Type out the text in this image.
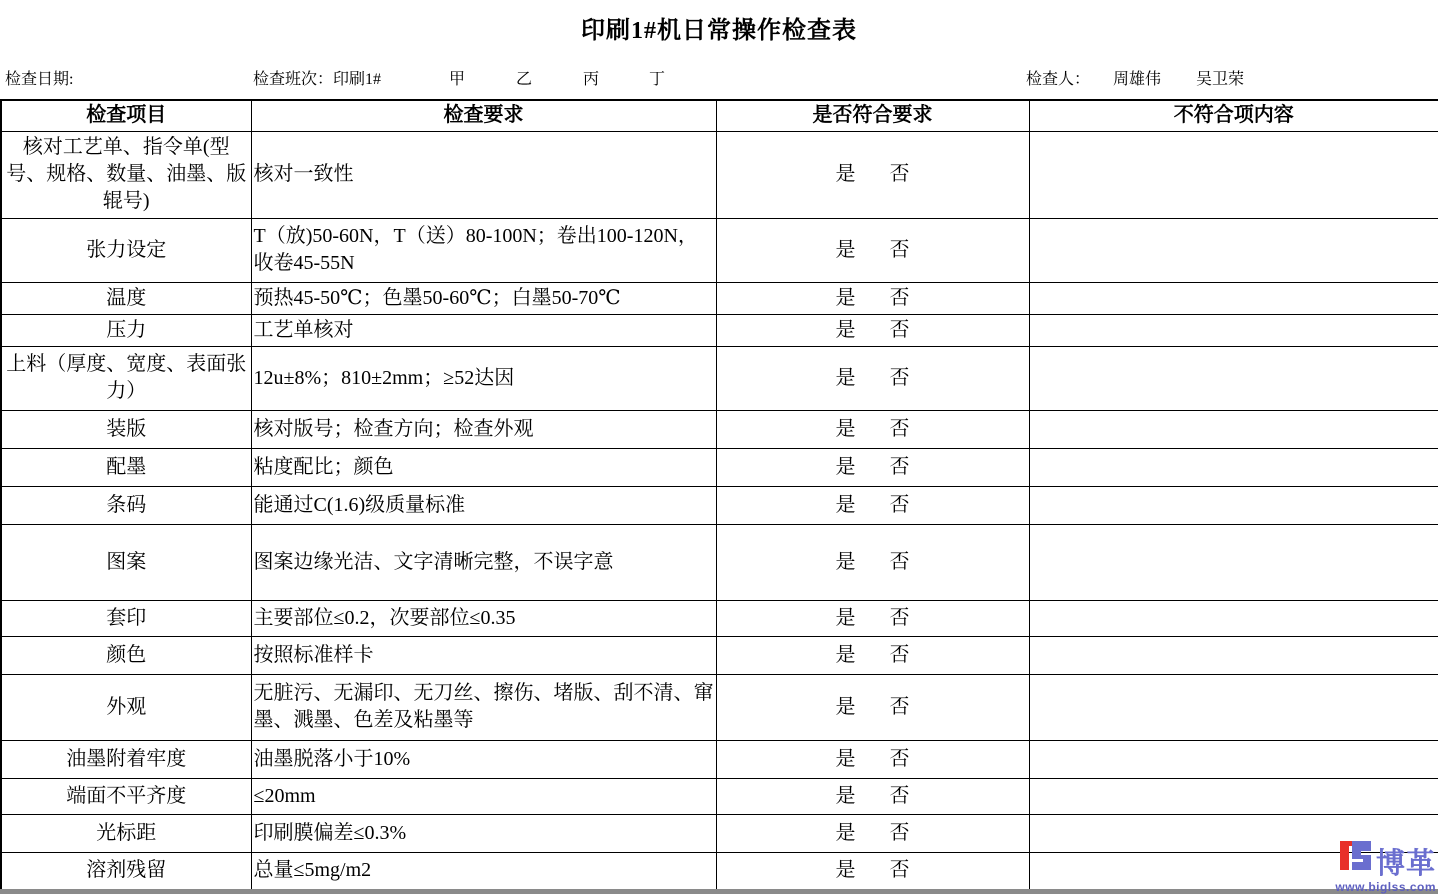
印刷1#机日常操作检查表
检查日期:	检查班次：印刷1#	甲	乙	丙	丁	检查人： 周雄伟 吴卫荣
检查项目	检查要求	是否符合要求	不符合项内容
核对工艺单、指令单(型号、规格、数量、油墨、版辊号)	核对一致性	是 否	
张力设定	T（放)50-60N，T（送）80-100N；卷出100-120N，收卷45-55N	是 否	
温度	预热45-50℃；色墨50-60℃；白墨50-70℃	是 否	
压力	工艺单核对	是 否	
上料（厚度、宽度、表面张力）	12u±8%；810±2mm；≥52达因	是 否	
装版	核对版号；检查方向；检查外观	是 否	
配墨	粘度配比；颜色	是 否	
条码	能通过C(1.6)级质量标准	是 否	
图案	图案边缘光洁、文字清晰完整，不误字意	是 否	
套印	主要部位≤0.2，次要部位≤0.35	是 否	
颜色	按照标准样卡	是 否	
外观	无脏污、无漏印、无刀丝、擦伤、堵版、刮不清、窜墨、溅墨、色差及粘墨等	是 否	
油墨附着牢度	油墨脱落小于10%	是 否	
端面不平齐度	≤20mm	是 否	
光标距	印刷膜偏差≤0.3%	是 否	
溶剂残留	总量≤5mg/m2	是 否		博革
www.biglss.com
